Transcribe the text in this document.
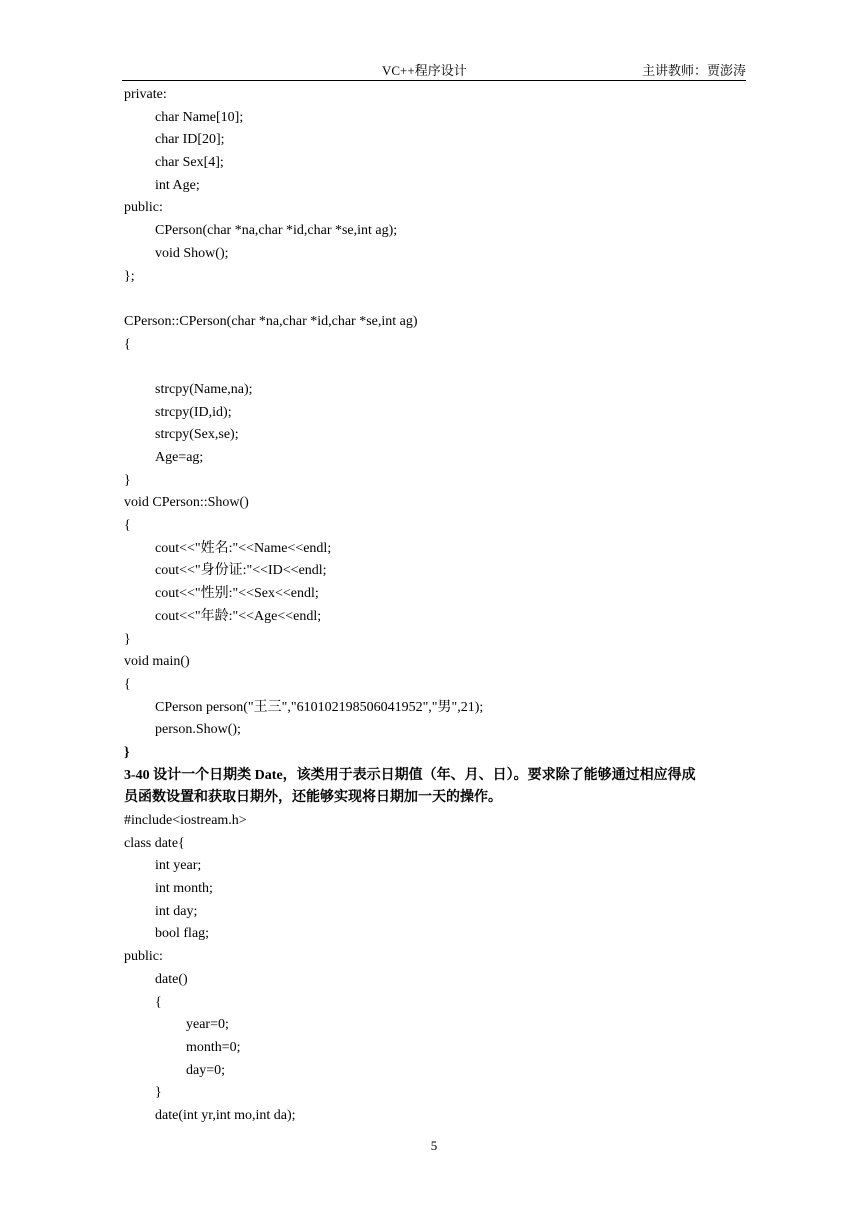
VC++程序设计	主讲教师：贾澎涛
private:
char Name[10];
char ID[20];
char Sex[4];
int Age;
public:
CPerson(char *na,char *id,char *se,int ag);
void Show();
};
CPerson::CPerson(char *na,char *id,char *se,int ag)
{
strcpy(Name,na);
strcpy(ID,id);
strcpy(Sex,se);
Age=ag;
}
void CPerson::Show()
{
cout<<"姓名:"<<Name<<endl;
cout<<"身份证:"<<ID<<endl;
cout<<"性别:"<<Sex<<endl;
cout<<"年龄:"<<Age<<endl;
}
void main()
{
CPerson person("王三","610102198506041952","男",21);
person.Show();
}
3-40 设计一个日期类 Date，该类用于表示日期值（年、月、日）。要求除了能够通过相应得成
员函数设置和获取日期外，还能够实现将日期加一天的操作。
#include<iostream.h>
class date{
int year;
int month;
int day;
bool flag;
public:
date()
{
year=0;
month=0;
day=0;
}
date(int yr,int mo,int da);
5
